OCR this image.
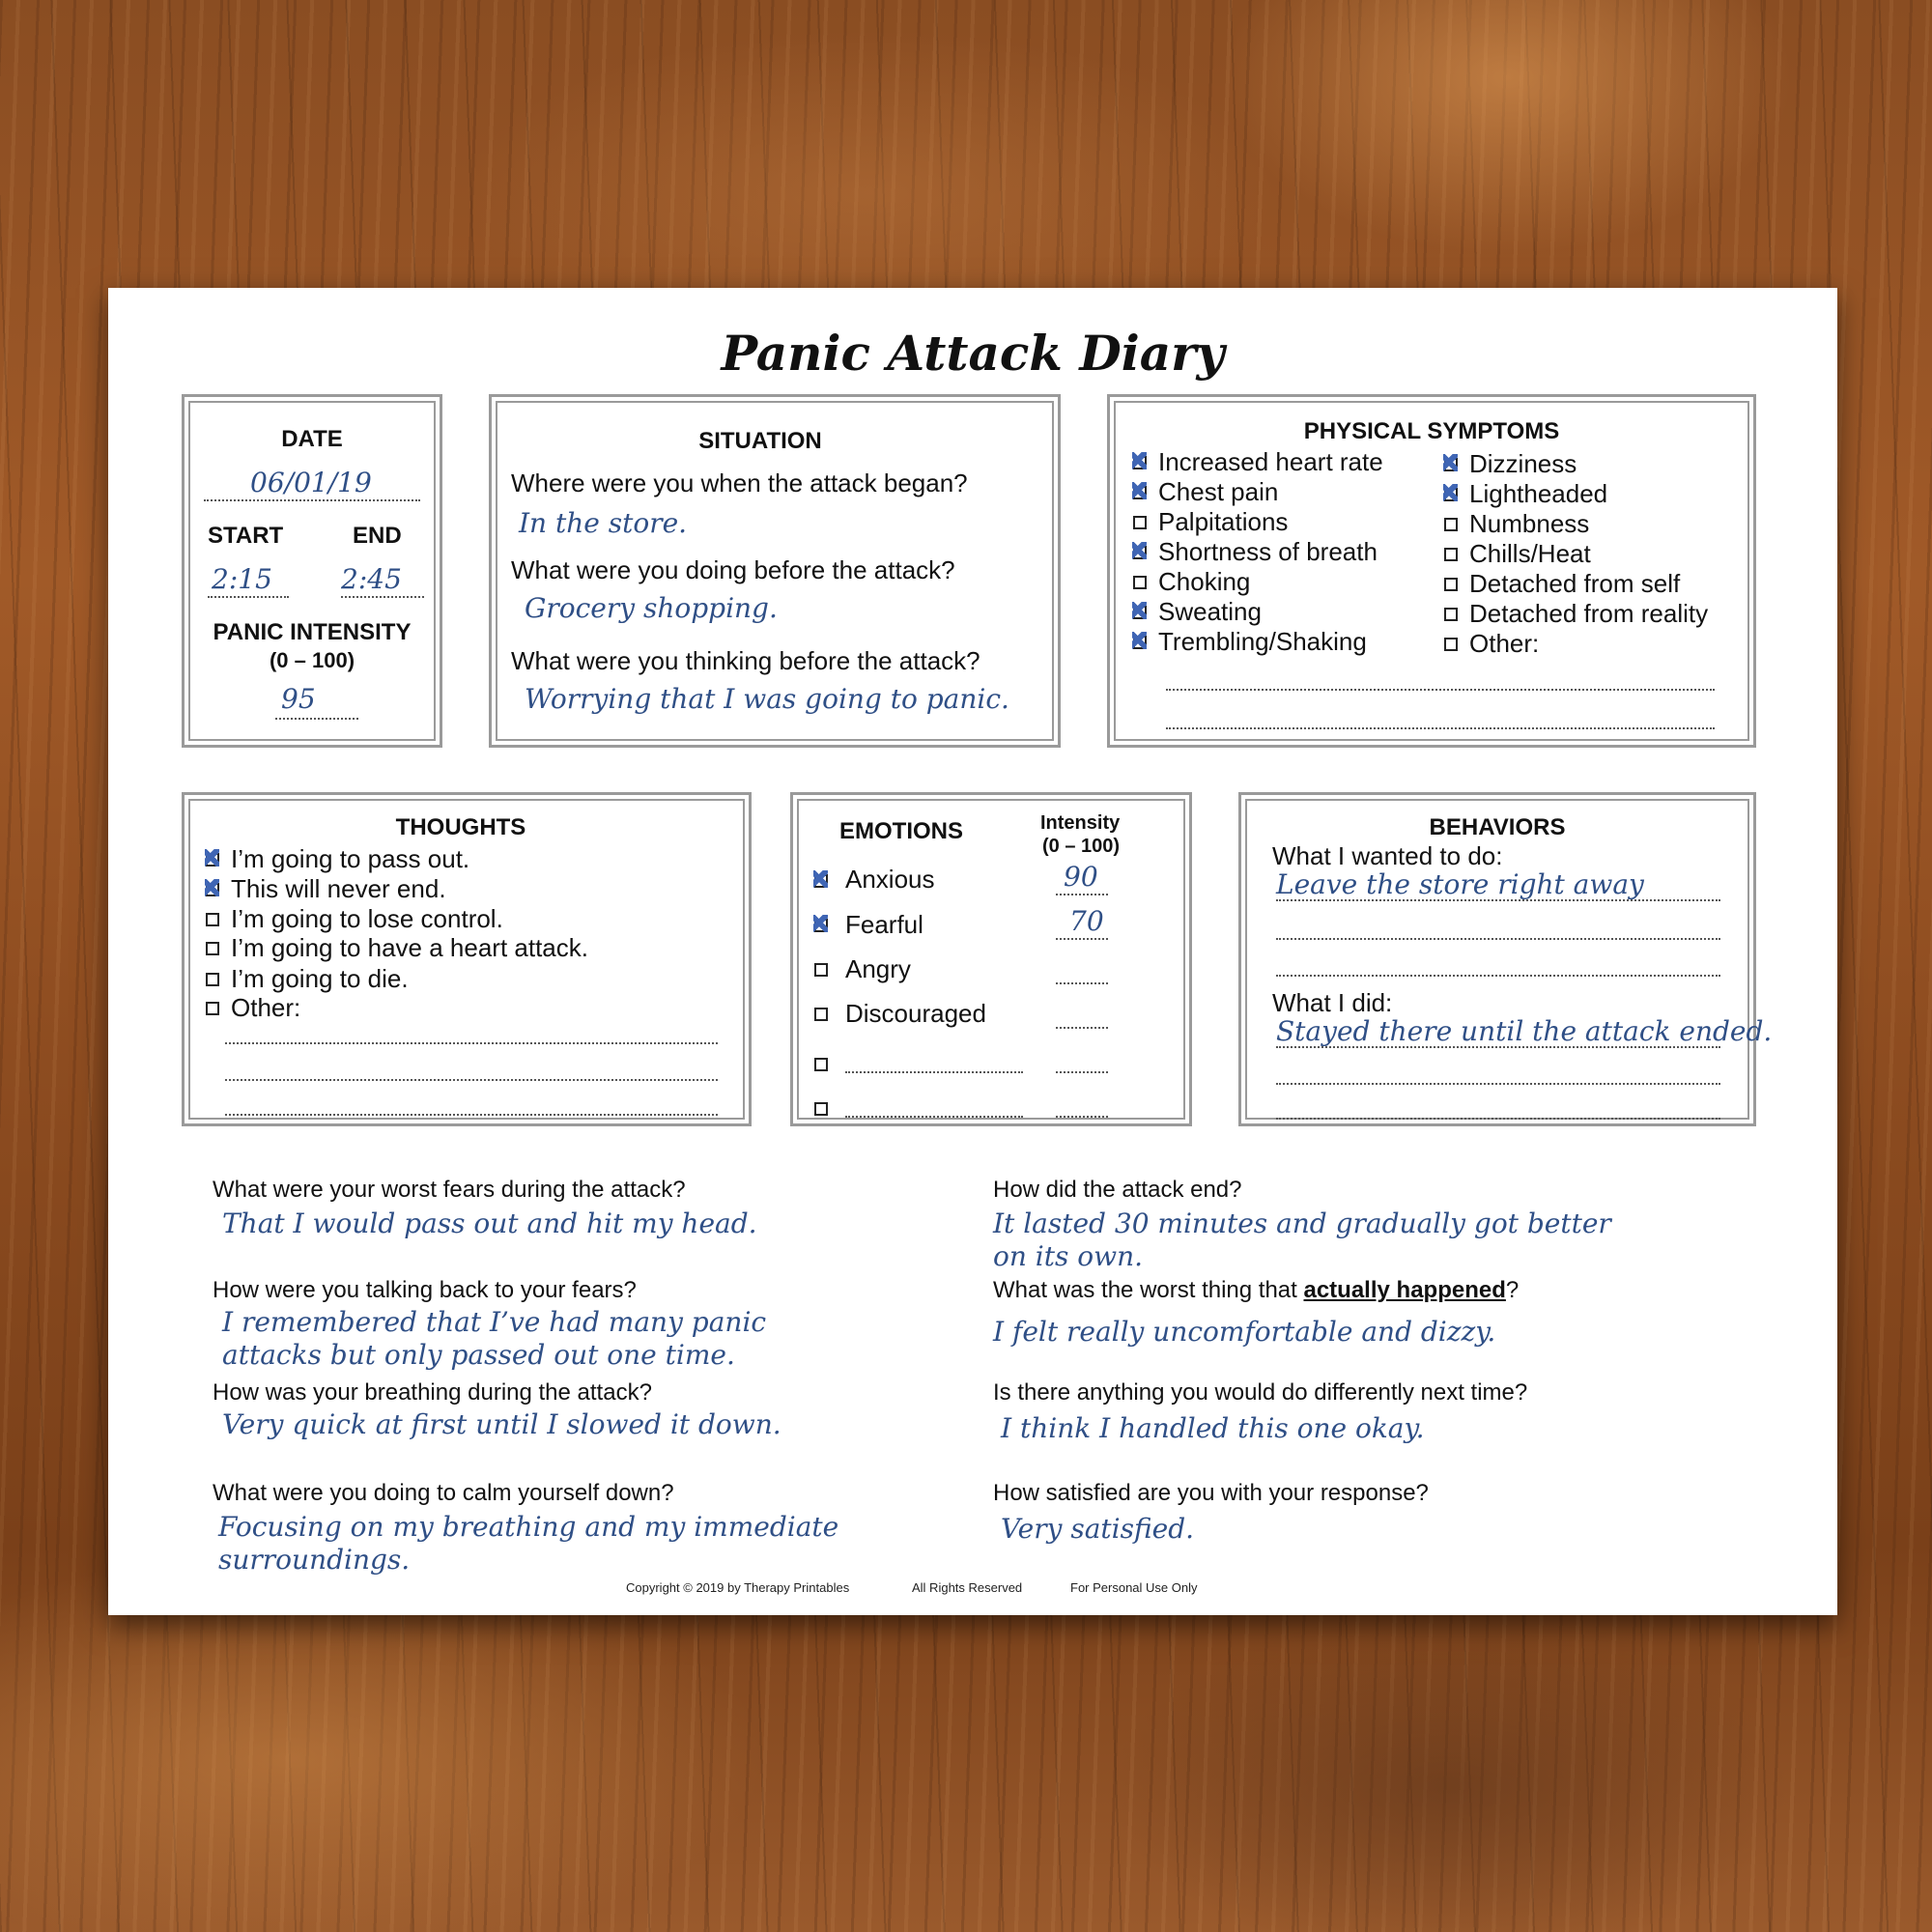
Panic Attack Diary
DATE
06/01/19
START	END
2:15	2:45
PANIC INTENSITY
(0 – 100)
95
SITUATION
Where were you when the attack began?
In the store.
What were you doing before the attack?
Grocery shopping.
What were you thinking before the attack?
Worrying that I was going to panic.
PHYSICAL SYMPTOMS
Increased heart rate
Chest pain
Palpitations
Shortness of breath
Choking
Sweating
Trembling/Shaking
Dizziness
Lightheaded
Numbness
Chills/Heat
Detached from self
Detached from reality
Other:
THOUGHTS
I’m going to pass out.
This will never end.
I’m going to lose control.
I’m going to have a heart attack.
I’m going to die.
Other:
EMOTIONS	Intensity
(0 – 100)
Anxious	90
Fearful	70
Angry
Discouraged
BEHAVIORS
What I wanted to do:
Leave the store right away
What I did:
Stayed there until the attack ended.
What were your worst fears during the attack?
That I would pass out and hit my head.
How were you talking back to your fears?
I remembered that I’ve had many panic
attacks but only passed out one time.
How was your breathing during the attack?
Very quick at first until I slowed it down.
What were you doing to calm yourself down?
Focusing on my breathing and my immediate
surroundings.
How did the attack end?
It lasted 30 minutes and gradually got better
on its own.
What was the worst thing that actually happened?
I felt really uncomfortable and dizzy.
Is there anything you would do differently next time?
I think I handled this one okay.
How satisfied are you with your response?
Very satisfied.
Copyright © 2019 by Therapy Printables	All Rights Reserved	For Personal Use Only
